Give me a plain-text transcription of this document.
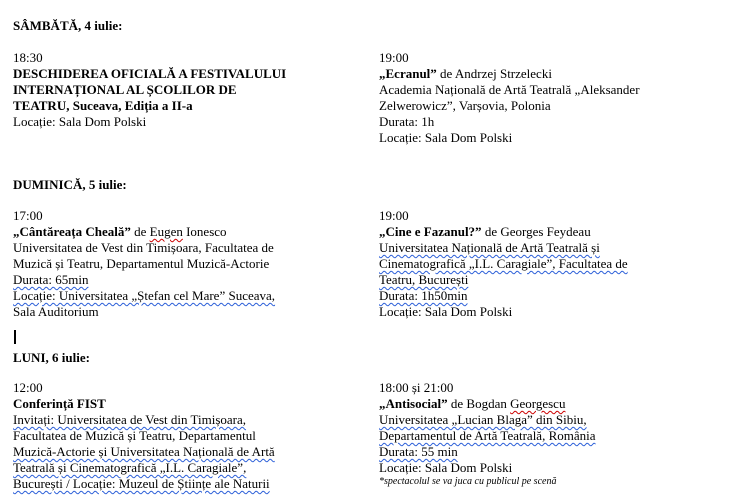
SÂMBĂTĂ, 4 iulie:
18:30
DESCHIDEREA OFICIALĂ A FESTIVALULUI
INTERNAȚIONAL AL ȘCOLILOR DE
TEATRU, Suceava, Ediția a II-a
Locație: Sala Dom Polski
19:00
„Ecranul” de Andrzej Strzelecki
Academia Națională de Artă Teatrală „Aleksander
Zelwerowicz”, Varșovia, Polonia
Durata: 1h
Locație: Sala Dom Polski
DUMINICĂ, 5 iulie:
17:00
„Cântăreața Cheală” de Eugen Ionesco
Universitatea de Vest din Timișoara, Facultatea de
Muzică și Teatru, Departamentul Muzică-Actorie
Durata: 65min
Locație: Universitatea „Ștefan cel Mare” Suceava,
Sala Auditorium
19:00
„Cine e Fazanul?” de Georges Feydeau
Universitatea Națională de Artă Teatrală și
Cinematografică „I.L. Caragiale”, Facultatea de
Teatru, București
Durata: 1h50min
Locație: Sala Dom Polski
LUNI, 6 iulie:
12:00
Conferință FIST
Invitați: Universitatea de Vest din Timișoara,
Facultatea de Muzică și Teatru, Departamentul
Muzică-Actorie și Universitatea Națională de Artă
Teatrală și Cinematografică „I.L. Caragiale”,
București / Locație: Muzeul de Științe ale Naturii
18:00 și 21:00
„Antisocial” de Bogdan Georgescu
Universitatea „Lucian Blaga” din Sibiu,
Departamentul de Artă Teatrală, România
Durata: 55 min
Locație: Sala Dom Polski
*spectacolul se va juca cu publicul pe scenă
